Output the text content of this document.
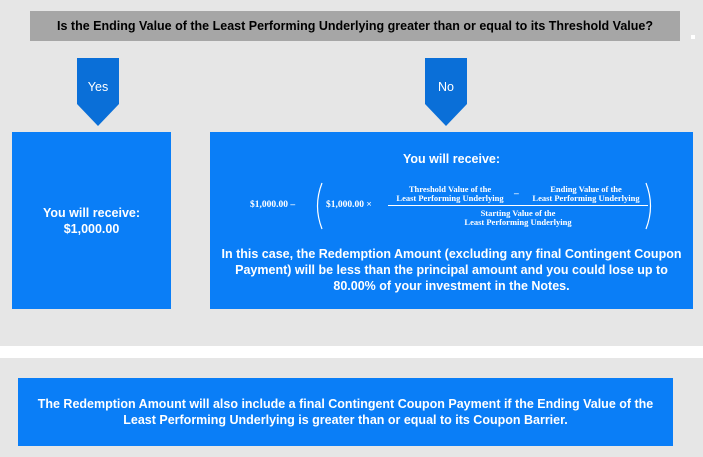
Is the Ending Value of the Least Performing Underlying greater than or equal to its Threshold Value?
Yes	No
You will receive:
$1,000.00
You will receive:
$1,000.00 –	$1,000.00 ×
Threshold Value of the
Least Performing Underlying	–	Ending Value of the
Least Performing Underlying
Starting Value of the
Least Performing Underlying
In this case, the Redemption Amount (excluding any final Contingent Coupon Payment) will be less than the principal amount and you could lose up to 80.00% of your investment in the Notes.
The Redemption Amount will also include a final Contingent Coupon Payment if the Ending Value of the Least Performing Underlying is greater than or equal to its Coupon Barrier.
